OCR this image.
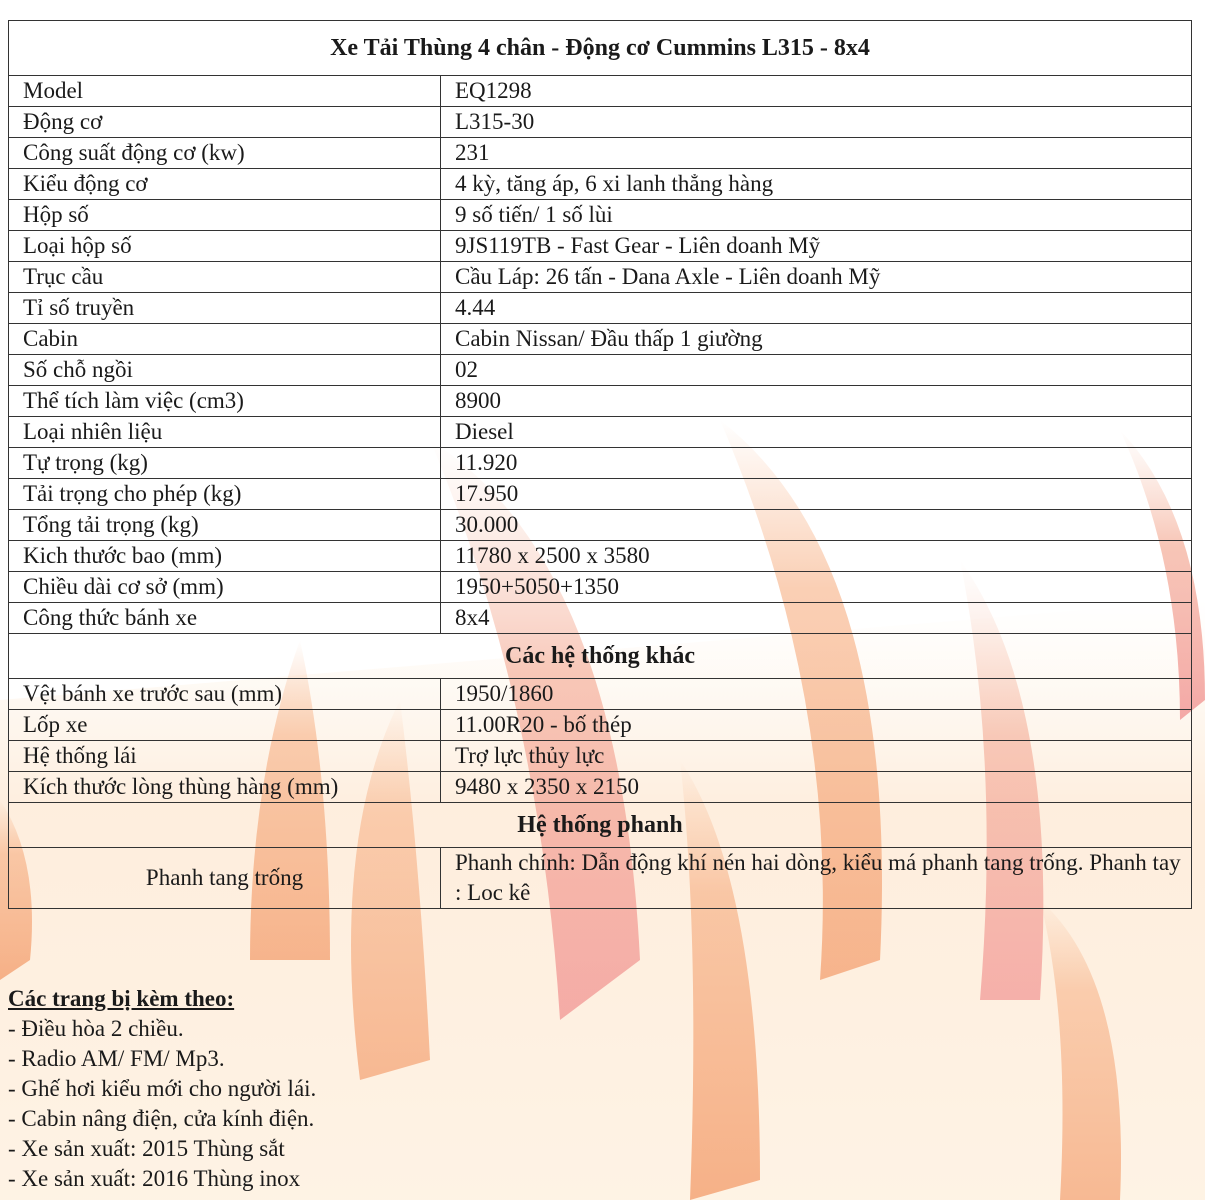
Xe Tải Thùng 4 chân - Động cơ Cummins L315 - 8x4	
Model	EQ1298
Động cơ	L315-30
Công suất động cơ (kw)	231
Kiểu động cơ	4 kỳ, tăng áp, 6 xi lanh thẳng hàng
Hộp số	9 số tiến/ 1 số lùi
Loại hộp số	9JS119TB - Fast Gear - Liên doanh Mỹ
Trục cầu	Cầu Láp: 26 tấn - Dana Axle - Liên doanh Mỹ
Tỉ số truyền	4.44
Cabin	Cabin Nissan/ Đầu thấp 1 giường
Số chỗ ngồi	02
Thể tích làm việc (cm3)	8900
Loại nhiên liệu	Diesel
Tự trọng (kg)	11.920
Tải trọng cho phép (kg)	17.950
Tổng tải trọng (kg)	30.000
Kich thước bao (mm)	11780 x 2500 x 3580
Chiều dài cơ sở (mm)	1950+5050+1350
Công thức bánh xe	8x4
Các hệ thống khác	
Vệt bánh xe trước sau (mm)	1950/1860
Lốp xe	11.00R20 - bố thép
Hệ thống lái	Trợ lực thủy lực
Kích thước lòng thùng hàng (mm)	9480 x 2350 x 2150
Hệ thống phanh	
Phanh tang trống	Phanh chính: Dẫn động khí nén hai dòng, kiểu má phanh tang trống. Phanh tay : Loc kê
Các trang bị kèm theo:
- Điều hòa 2 chiều.
- Radio AM/ FM/ Mp3.
- Ghế hơi kiểu mới cho người lái.
- Cabin nâng điện, cửa kính điện.
- Xe sản xuất: 2015 Thùng sắt
- Xe sản xuất: 2016 Thùng inox
